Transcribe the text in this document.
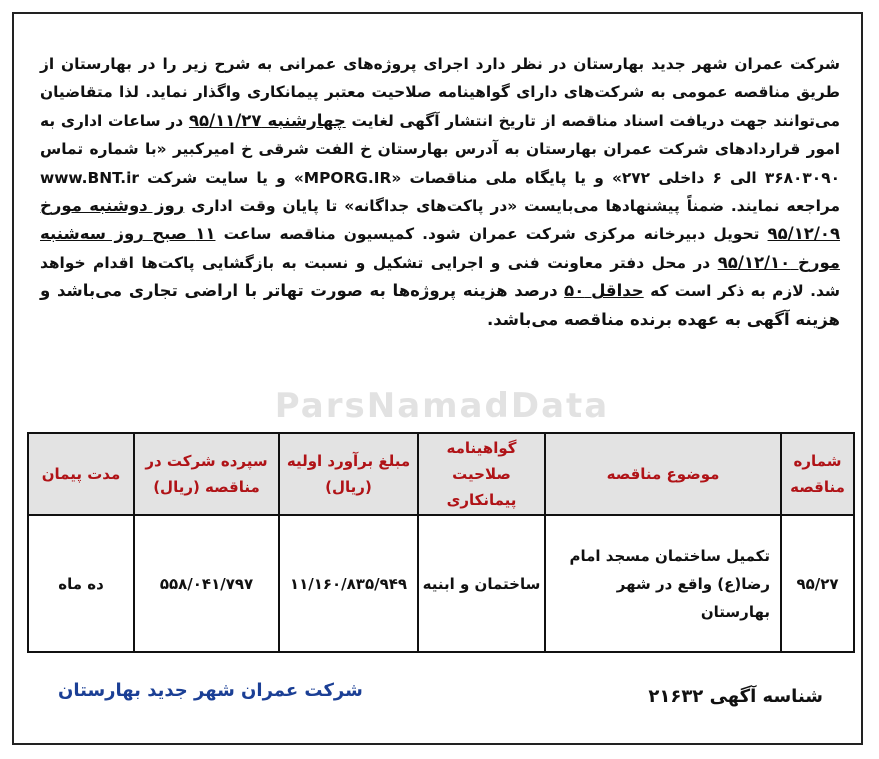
ParsNamadData

شرکت عمران شهر جدید بهارستان در نظر دارد اجرای پروژه‌های عمرانی به شرح زیر را در بهارستان از طریق مناقصه عمومی به شرکت‌های دارای گواهینامه صلاحیت معتبر پیمانکاری واگذار نماید. لذا متقاضیان می‌توانند جهت دریافت اسناد مناقصه از تاریخ انتشار آگهی لغایت چهارشنبه ۹۵/۱۱/۲۷ در ساعات اداری به امور قراردادهای شرکت عمران بهارستان به آدرس بهارستان خ الفت شرقی خ امیرکبیر «با شماره تماس ۳۶۸۰۳۰۹۰ الی ۶ داخلی ۲۷۲» و یا پایگاه ملی مناقصات «MPORG.IR» و یا سایت شرکت www.BNT.ir مراجعه نمایند. ضمناً پیشنهادها می‌بایست «در پاکت‌های جداگانه» تا پایان وقت اداری روز دوشنبه مورخ ۹۵/۱۲/۰۹ تحویل دبیرخانه مرکزی شرکت عمران شود. کمیسیون مناقصه ساعت ۱۱ صبح روز سه‌شنبه مورخ ۹۵/۱۲/۱۰ در محل دفتر معاونت فنی و اجرایی تشکیل و نسبت به بازگشایی پاکت‌ها اقدام خواهد شد. لازم به ذکر است که حداقل ۵۰ درصد هزینه پروژه‌ها به صورت تهاتر با اراضی تجاری می‌باشد و هزینه آگهی به عهده برنده مناقصه می‌باشد.

شماره مناقصه	موضوع مناقصه	گواهینامه صلاحیت پیمانکاری	مبلغ برآورد اولیه (ریال)	سپرده شرکت در مناقصه (ریال)	مدت پیمان
۹۵/۲۷	تکمیل ساختمان مسجد امام رضا(ع) واقع در شهر بهارستان	ساختمان و ابنیه	۱۱/۱۶۰/۸۳۵/۹۴۹	۵۵۸/۰۴۱/۷۹۷	ده ماه
شناسه آگهی ۲۱۶۳۲
شرکت عمران شهر جدید بهارستان
